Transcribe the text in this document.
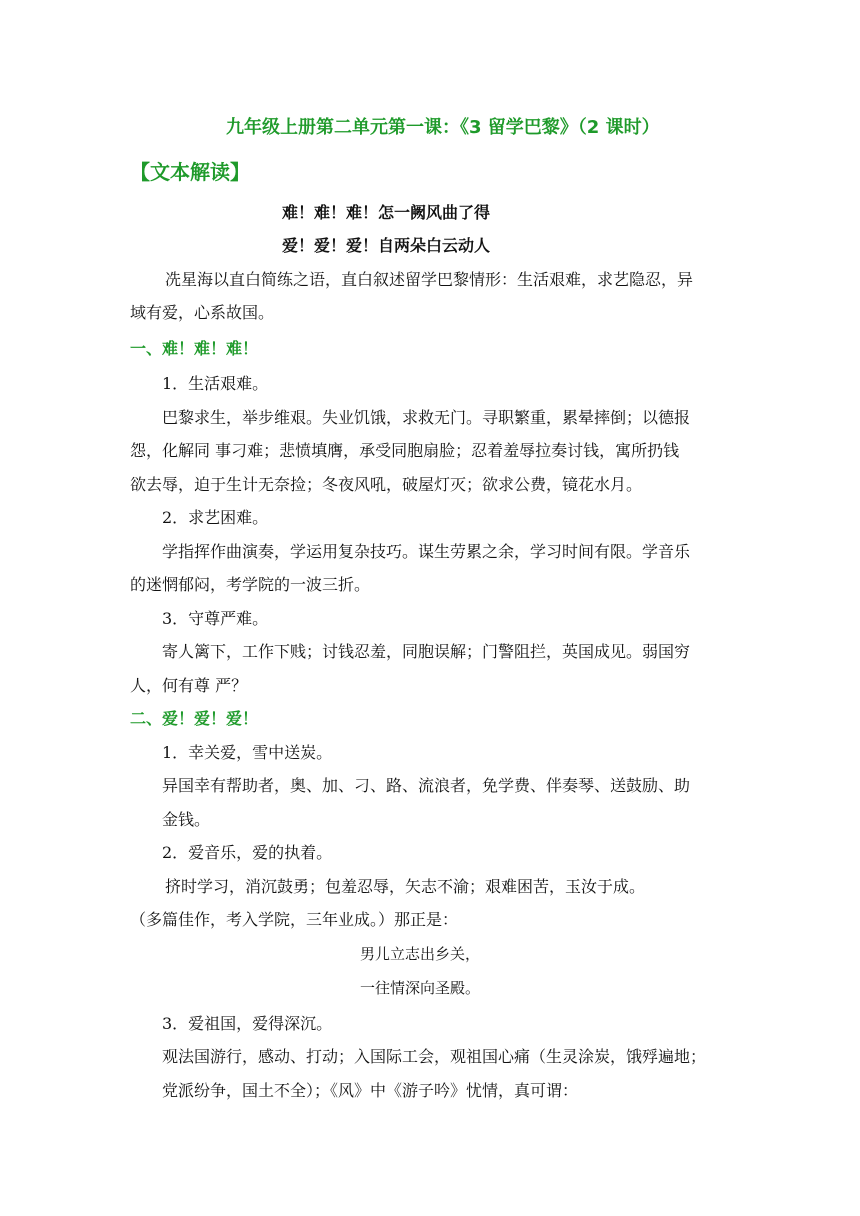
九年级上册第二单元第一课：《3 留学巴黎》（2 课时）
【文本解读】
难！难！难！怎一阙风曲了得
爱！爱！爱！自两朵白云动人
冼星海以直白简练之语，直白叙述留学巴黎情形：生活艰难，求艺隐忍，异
域有爱，心系故国。
一、难！难！难！
1．生活艰难。
巴黎求生，举步维艰。失业饥饿，求救无门。寻职繁重，累晕摔倒；以德报
怨，化解同 事刁难；悲愤填膺，承受同胞扇脸；忍着羞辱拉奏讨钱，寓所扔钱
欲去辱，迫于生计无奈捡；冬夜风吼，破屋灯灭；欲求公费，镜花水月。
2．求艺困难。
学指挥作曲演奏，学运用复杂技巧。谋生劳累之余，学习时间有限。学音乐
的迷惘郁闷，考学院的一波三折。
3．守尊严难。
寄人篱下，工作下贱；讨钱忍羞，同胞误解；门警阻拦，英国成见。弱国穷
人，何有尊 严？
二、爱！爱！爱！
1．幸关爱，雪中送炭。
异国幸有帮助者，奥、加、刁、路、流浪者，免学费、伴奏琴、送鼓励、助
金钱。
2．爱音乐，爱的执着。
挤时学习，消沉鼓勇；包羞忍辱，矢志不渝；艰难困苦，玉汝于成。
（多篇佳作，考入学院，三年业成。）那正是：
男儿立志出乡关，
一往情深向圣殿。
3．爱祖国，爱得深沉。
观法国游行，感动、打动；入国际工会，观祖国心痛（生灵涂炭，饿殍遍地；
党派纷争，国土不全）；《风》中《游子吟》忧情，真可谓：
